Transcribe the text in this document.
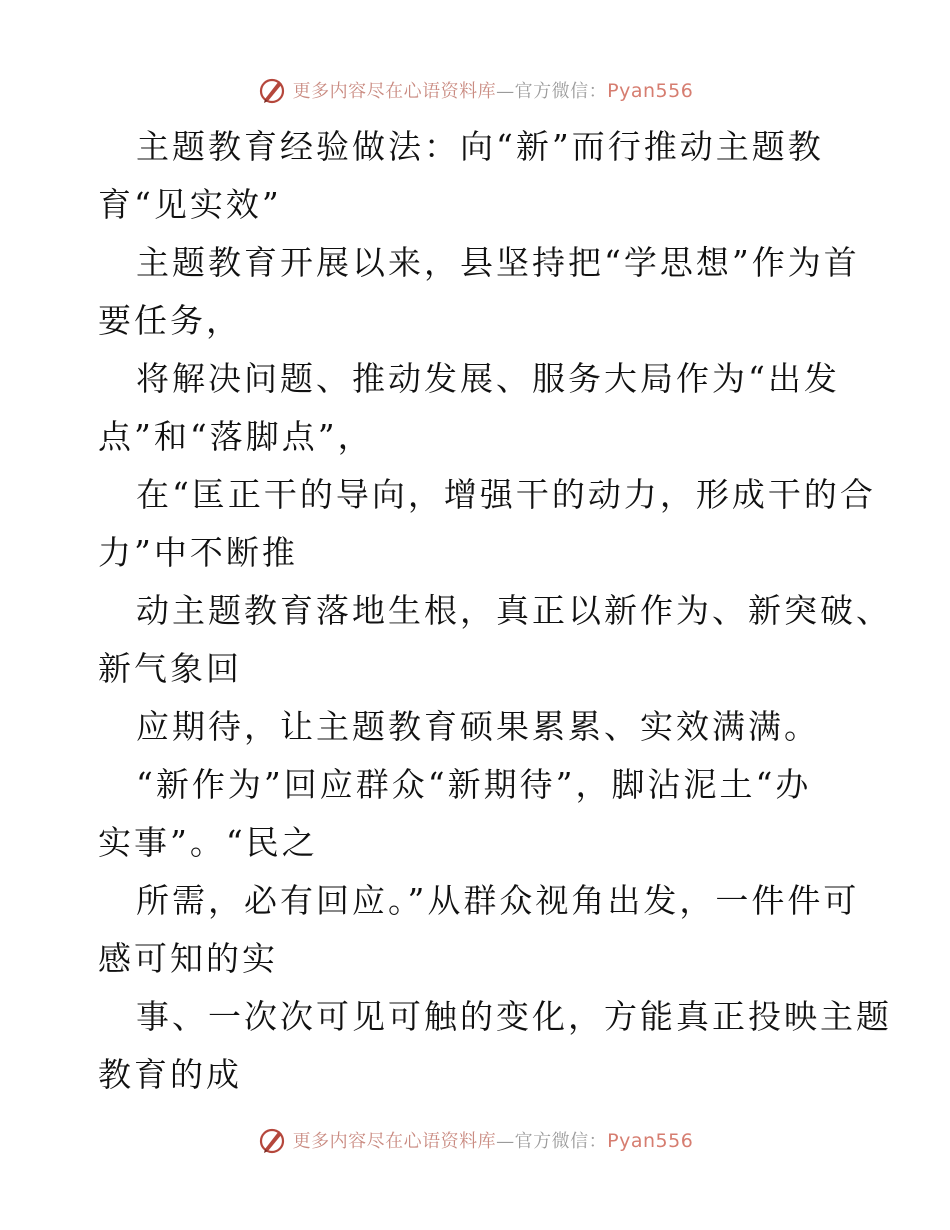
更多内容尽在心语资料库—官方微信：Pyan556
主题教育经验做法：向“新”而行推动主题教
育“见实效”
主题教育开展以来，县坚持把“学思想”作为首
要任务，
将解决问题、推动发展、服务大局作为“出发
点”和“落脚点”，
在“匡正干的导向，增强干的动力，形成干的合
力”中不断推
动主题教育落地生根，真正以新作为、新突破、
新气象回
应期待，让主题教育硕果累累、实效满满。
“新作为”回应群众“新期待”，脚沾泥土“办
实事”。“民之
所需，必有回应。”从群众视角出发，一件件可
感可知的实
事、一次次可见可触的变化，方能真正投映主题
教育的成
更多内容尽在心语资料库—官方微信：Pyan556
